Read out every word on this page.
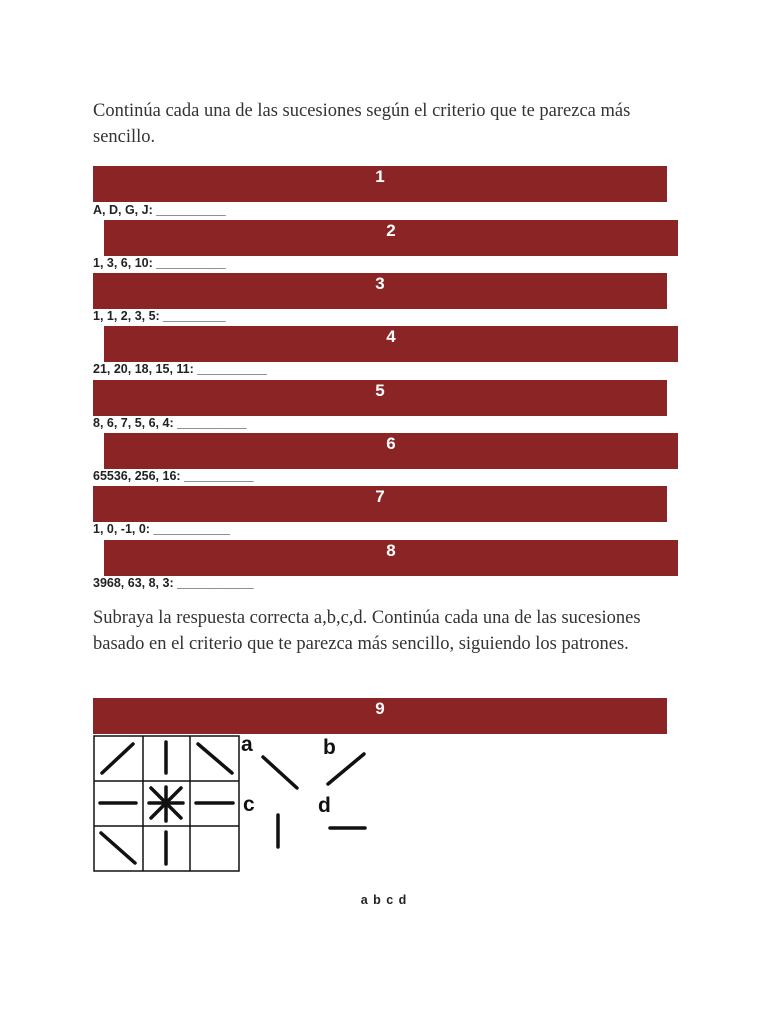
Continúa cada una de las sucesiones según el criterio que te parezca más sencillo.

1
A, D, G, J: __________
2
1, 3, 6, 10: __________
3
1, 1, 2, 3, 5: _________
4
21, 20, 18, 15, 11: __________
5
8, 6, 7, 5, 6, 4: __________
6
65536, 256, 16: __________
7
1, 0, -1, 0: ___________
8
3968, 63, 8, 3: ___________

Subraya la respuesta correcta a,b,c,d. Continúa cada una de las sucesiones basado en el criterio que te parezca más sencillo, siguiendo los patrones.

9
a	b
c	d
a b c d
